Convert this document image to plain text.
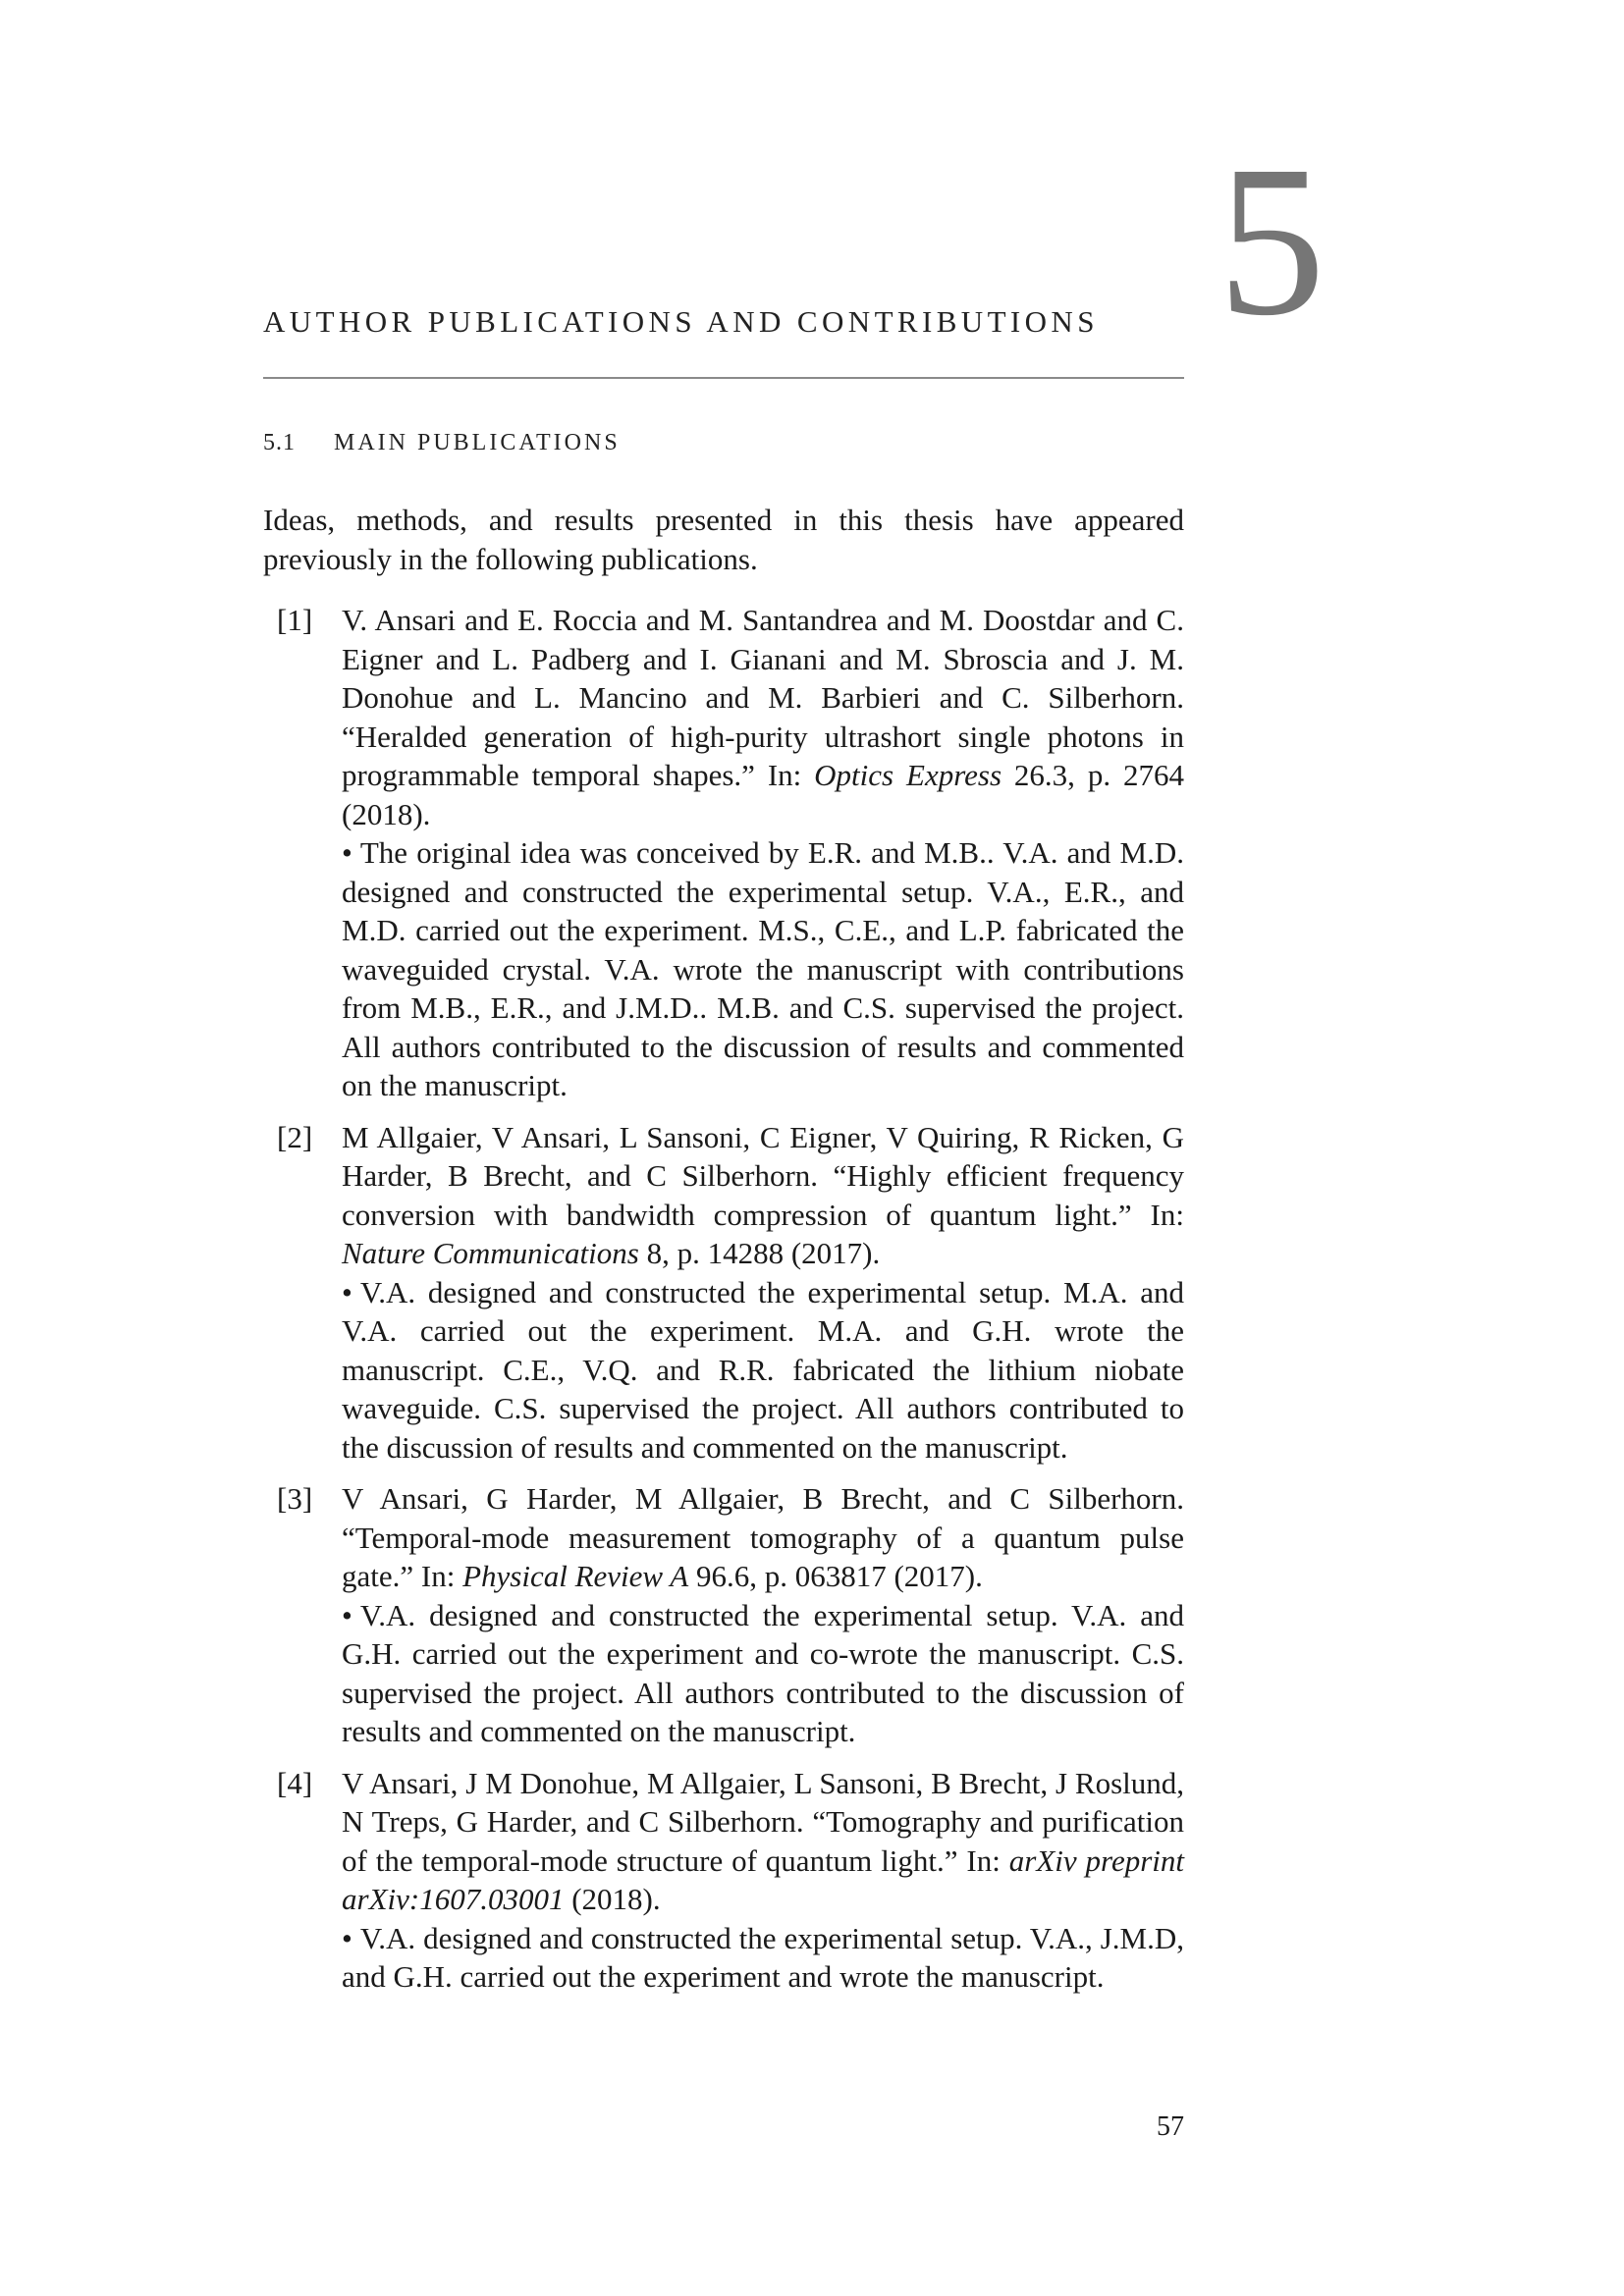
5
AUTHOR PUBLICATIONS AND CONTRIBUTIONS
5.1 MAIN PUBLICATIONS

Ideas, methods, and results presented in this thesis have appeared previously in the following publications.

[1] V. Ansari and E. Roccia and M. Santandrea and M. Doostdar and C. Eigner and L. Padberg and I. Gianani and M. Sbroscia and J. M. Donohue and L. Mancino and M. Barbieri and C. Silberhorn. “Heralded generation of high-purity ultrashort single photons in programmable temporal shapes.” In: Optics Express 26.3, p. 2764 (2018).

• The original idea was conceived by E.R. and M.B.. V.A. and M.D. designed and constructed the experimental setup. V.A., E.R., and M.D. carried out the experiment. M.S., C.E., and L.P. fabricated the waveguided crystal. V.A. wrote the manuscript with contributions from M.B., E.R., and J.M.D.. M.B. and C.S. supervised the project. All authors contributed to the discussion of results and commented on the manuscript.

[2] M Allgaier, V Ansari, L Sansoni, C Eigner, V Quiring, R Ricken, G Harder, B Brecht, and C Silberhorn. “Highly efficient frequency conversion with bandwidth compression of quantum light.” In: Nature Communications 8, p. 14288 (2017).

• V.A. designed and constructed the experimental setup. M.A. and V.A. carried out the experiment. M.A. and G.H. wrote the manuscript. C.E., V.Q. and R.R. fabricated the lithium niobate waveguide. C.S. supervised the project. All authors contributed to the discussion of results and commented on the manuscript.

[3] V Ansari, G Harder, M Allgaier, B Brecht, and C Silberhorn. “Temporal-mode measurement tomography of a quantum pulse gate.” In: Physical Review A 96.6, p. 063817 (2017).

• V.A. designed and constructed the experimental setup. V.A. and G.H. carried out the experiment and co-wrote the manuscript. C.S. supervised the project. All authors contributed to the discussion of results and commented on the manuscript.

[4] V Ansari, J M Donohue, M Allgaier, L Sansoni, B Brecht, J Roslund, N Treps, G Harder, and C Silberhorn. “Tomography and purification of the temporal-mode structure of quantum light.” In: arXiv preprint arXiv:1607.03001 (2018).

• V.A. designed and constructed the experimental setup. V.A., J.M.D, and G.H. carried out the experiment and wrote the manuscript.

57
